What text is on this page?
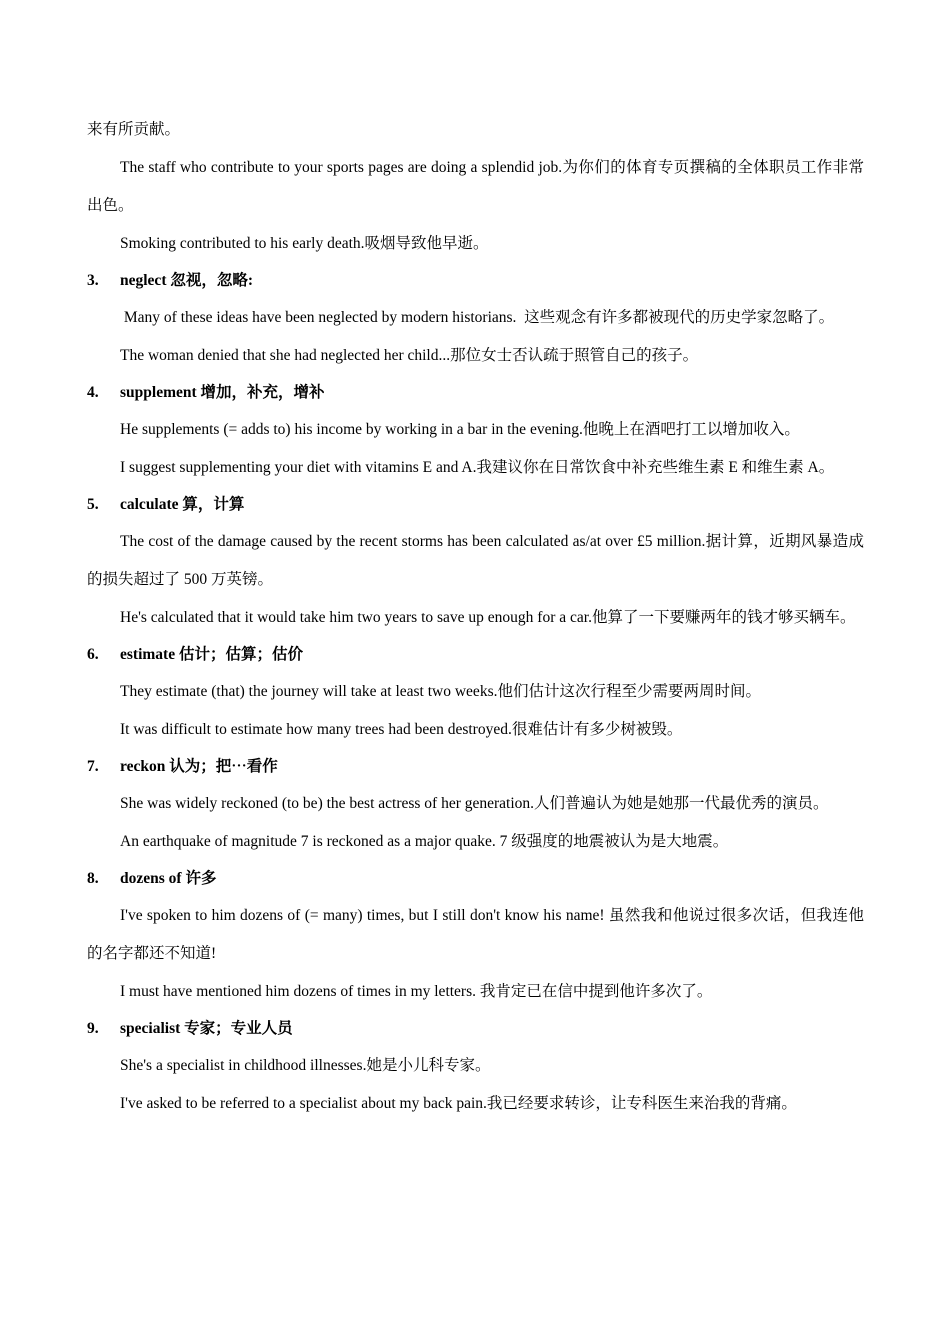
来有所贡献。

The staff who contribute to your sports pages are doing a splendid job.为你们的体育专页撰稿的全体职员工作非常出色。

Smoking contributed to his early death.吸烟导致他早逝。

3. neglect 忽视，忽略:

Many of these ideas have been neglected by modern historians.  这些观念有许多都被现代的历史学家忽略了。

The woman denied that she had neglected her child...那位女士否认疏于照管自己的孩子。

4. supplement 增加，补充，增补

He supplements (= adds to) his income by working in a bar in the evening.他晚上在酒吧打工以增加收入。

I suggest supplementing your diet with vitamins E and A.我建议你在日常饮食中补充些维生素 E 和维生素 A。

5. calculate 算，计算

The cost of the damage caused by the recent storms has been calculated as/at over £5 million.据计算，近期风暴造成的损失超过了 500 万英镑。

He's calculated that it would take him two years to save up enough for a car.他算了一下要赚两年的钱才够买辆车。

6. estimate 估计；估算；估价

They estimate (that) the journey will take at least two weeks.他们估计这次行程至少需要两周时间。

It was difficult to estimate how many trees had been destroyed.很难估计有多少树被毁。

7. reckon 认为；把⋯看作

She was widely reckoned (to be) the best actress of her generation.人们普遍认为她是她那一代最优秀的演员。

An earthquake of magnitude 7 is reckoned as a major quake. 7 级强度的地震被认为是大地震。

8. dozens of 许多

I've spoken to him dozens of (= many) times, but I still don't know his name! 虽然我和他说过很多次话，但我连他的名字都还不知道!

I must have mentioned him dozens of times in my letters. 我肯定已在信中提到他许多次了。

9. specialist 专家；专业人员

She's a specialist in childhood illnesses.她是小儿科专家。

I've asked to be referred to a specialist about my back pain.我已经要求转诊，让专科医生来治我的背痛。
